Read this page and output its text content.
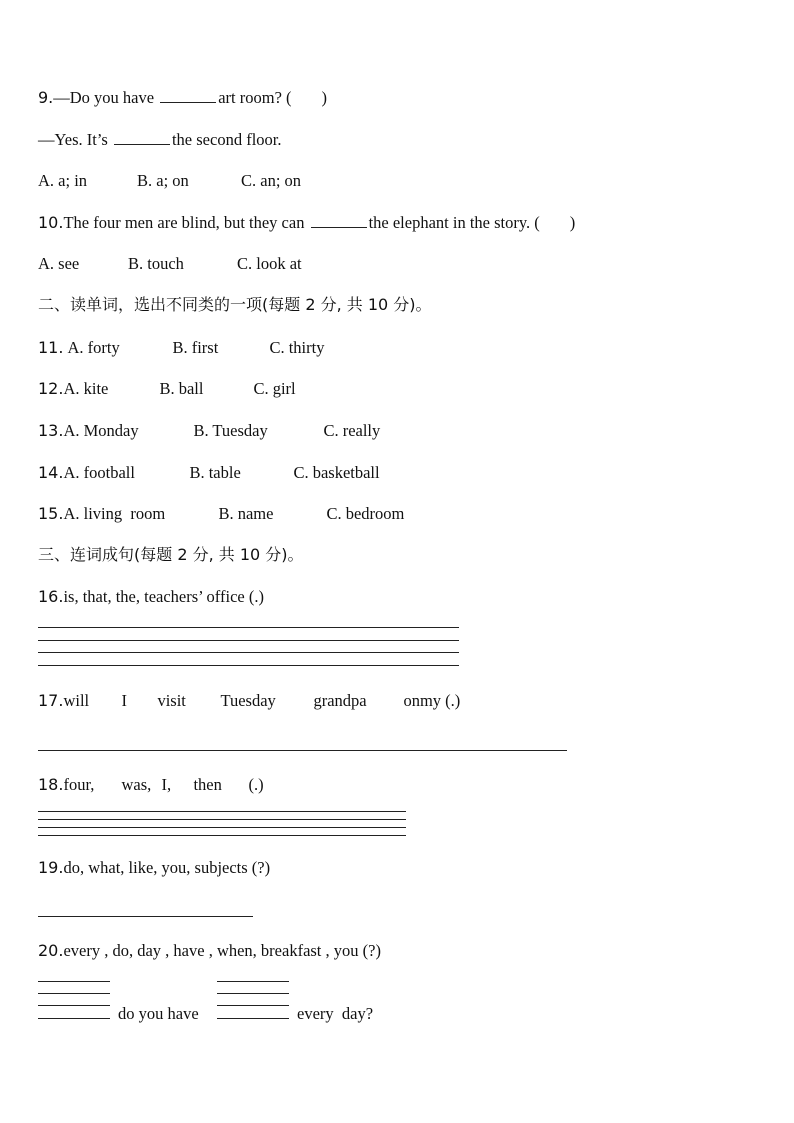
9.—Do you have	art room? ( )
—Yes. It’s	the second floor.
A. a; in	B. a; on	C. an; on
10.The four men are blind, but they can	the elephant in the story. ( )
A. see	B. touch	C. look at
二、读单词，选出不同类的一项(每题 2 分, 共 10 分)。
11. A. forty	B. first	C. thirty
12.A. kite	B. ball	C. girl
13.A. Monday	B. Tuesday	C. really
14.A. football	B. table	C. basketball
15.A. living  room	B. name	C. bedroom
三、连词成句(每题 2 分, 共 10 分)。
16.is, that, the, teachers’ office (.)
17.will I visit Tuesday grandpa onmy (.)
18.four, was, I, then (.)
19.do, what, like, you, subjects (?)
20.every , do, day , have , when, breakfast , you (?)
do you have	every  day?
